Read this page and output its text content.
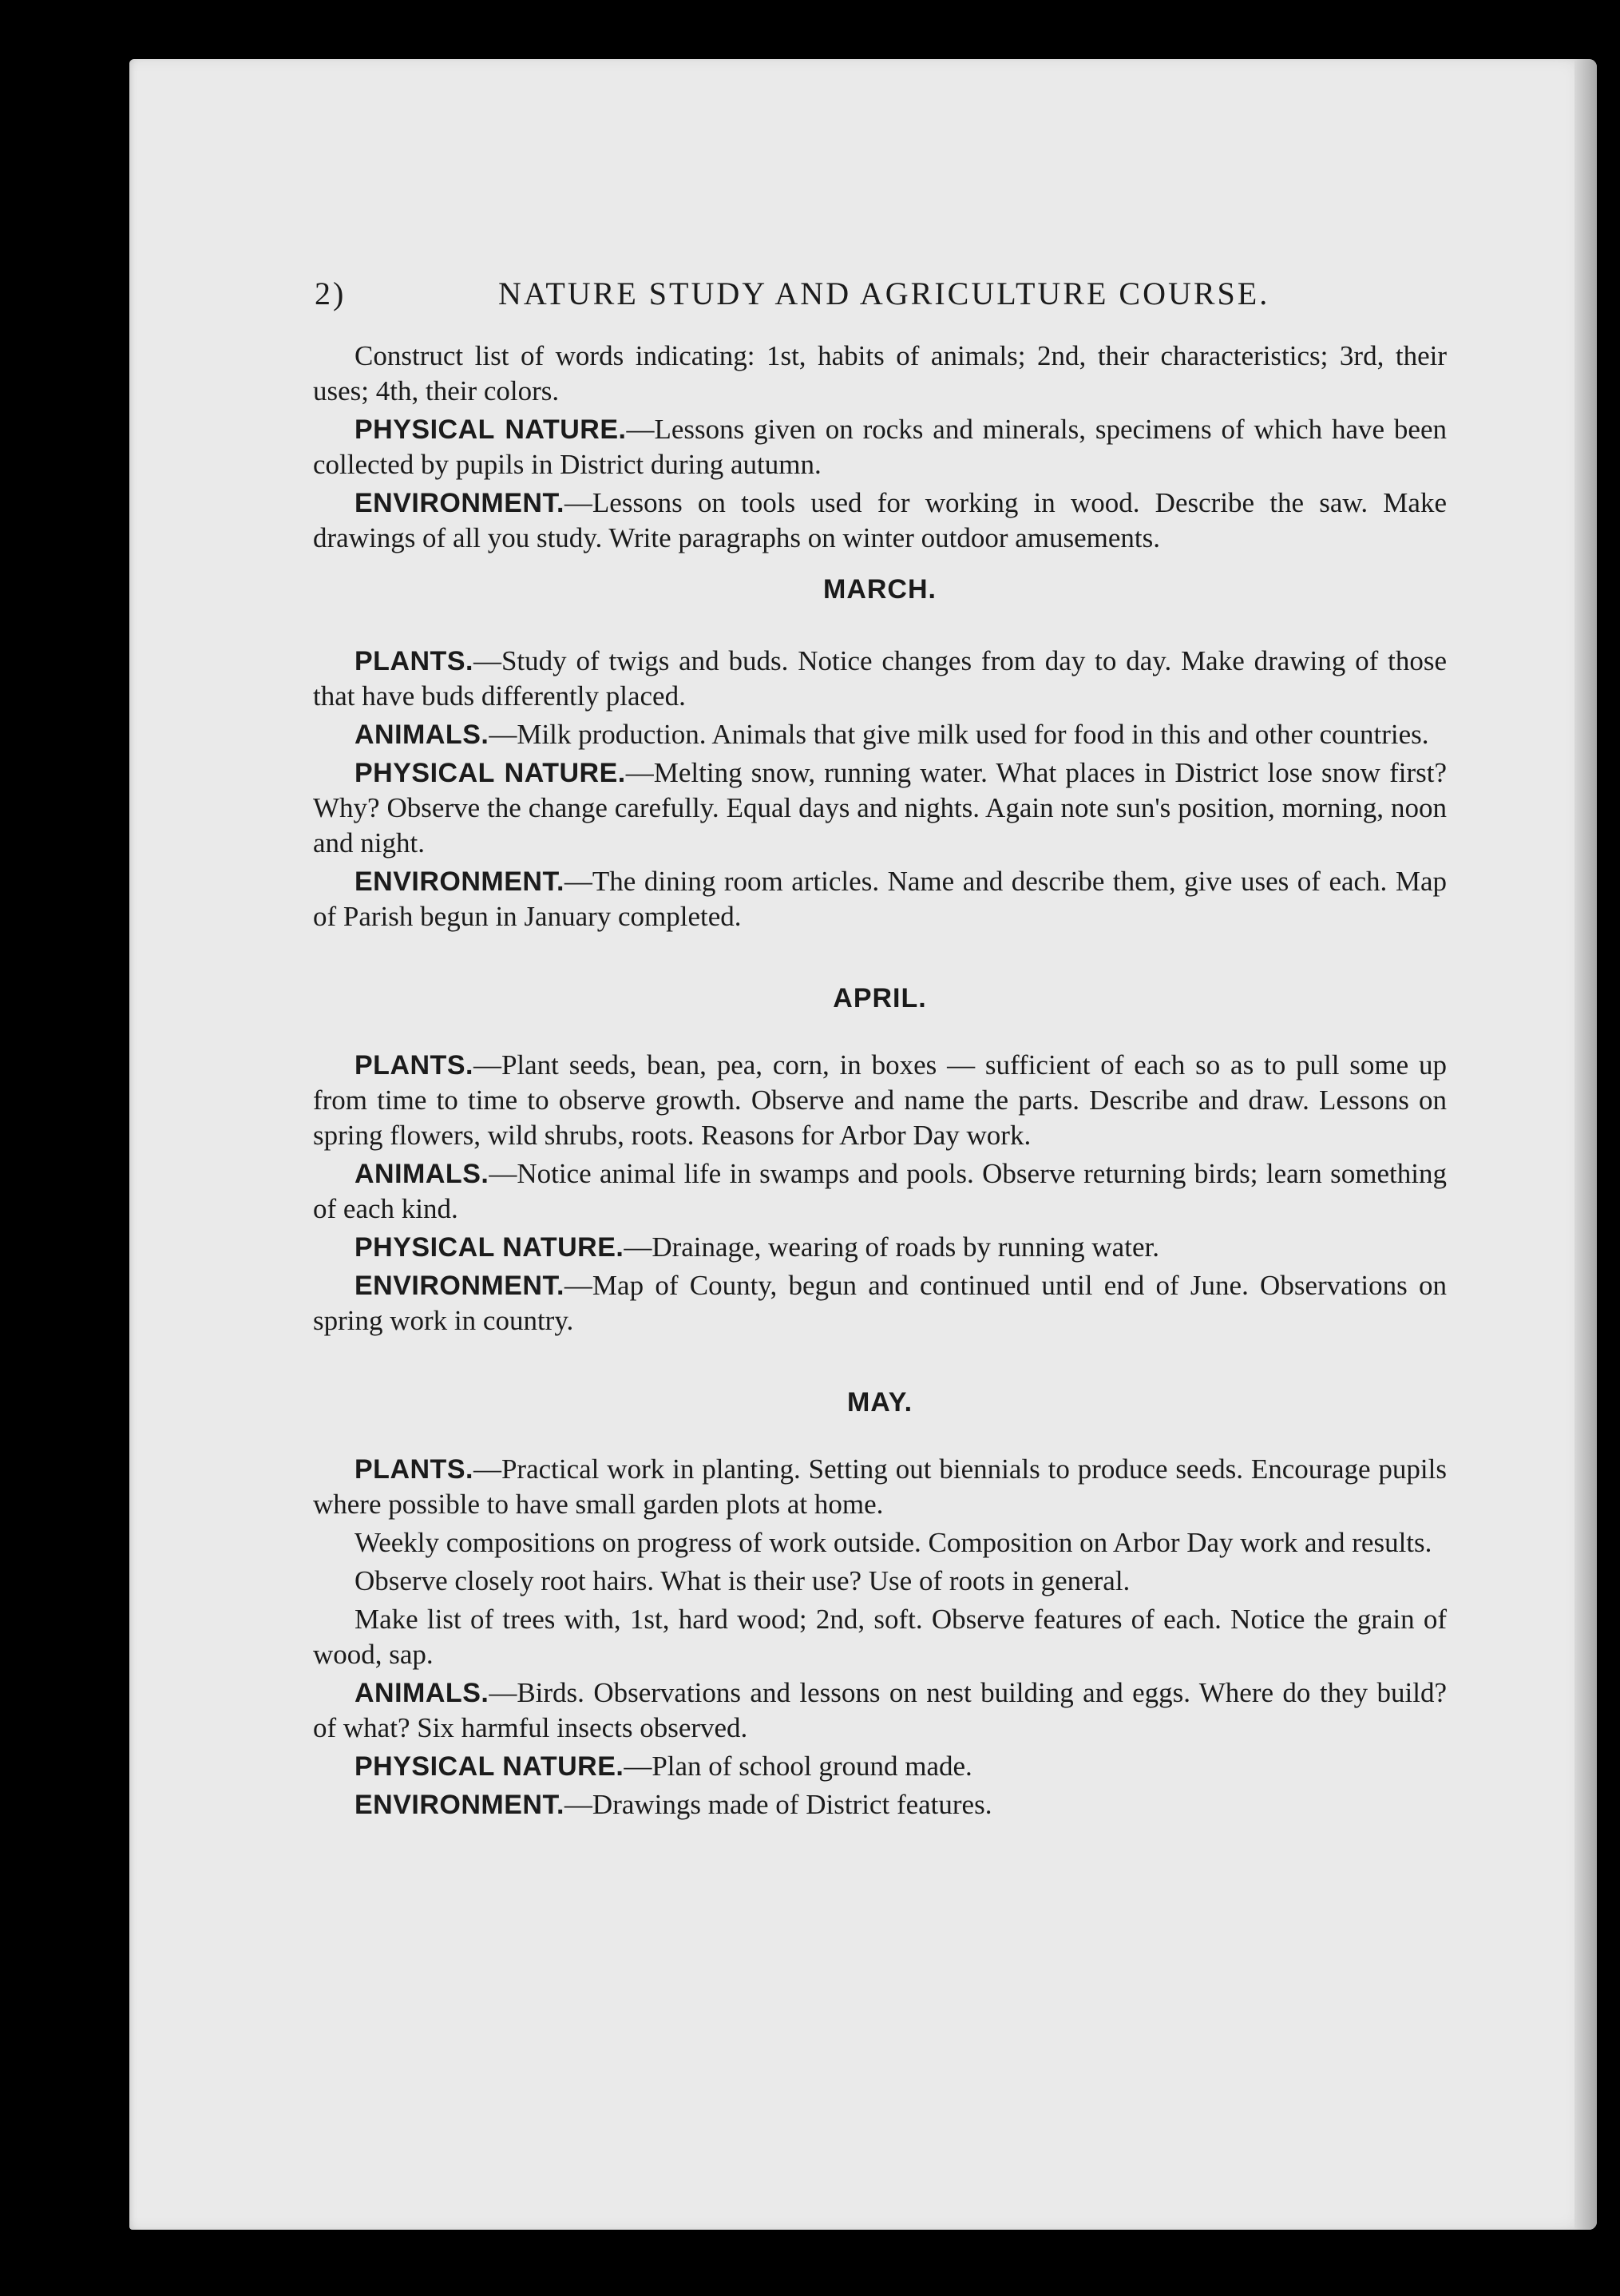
2)	NATURE STUDY AND AGRICULTURE COURSE.

Construct list of words indicating: 1st, habits of animals; 2nd, their characteristics; 3rd, their uses; 4th, their colors.

PHYSICAL NATURE.—Lessons given on rocks and minerals, specimens of which have been collected by pupils in District during autumn.

ENVIRONMENT.—Lessons on tools used for working in wood. Describe the saw. Make drawings of all you study. Write paragraphs on winter outdoor amusements.

MARCH.

PLANTS.—Study of twigs and buds. Notice changes from day to day. Make drawing of those that have buds differently placed.

ANIMALS.—Milk production. Animals that give milk used for food in this and other countries.

PHYSICAL NATURE.—Melting snow, running water. What places in District lose snow first? Why? Observe the change carefully. Equal days and nights. Again note sun's position, morning, noon and night.

ENVIRONMENT.—The dining room articles. Name and describe them, give uses of each. Map of Parish begun in January completed.

APRIL.

PLANTS.—Plant seeds, bean, pea, corn, in boxes — sufficient of each so as to pull some up from time to time to observe growth. Observe and name the parts. Describe and draw. Lessons on spring flowers, wild shrubs, roots. Reasons for Arbor Day work.

ANIMALS.—Notice animal life in swamps and pools. Observe returning birds; learn something of each kind.

PHYSICAL NATURE.—Drainage, wearing of roads by running water.

ENVIRONMENT.—Map of County, begun and continued until end of June. Observations on spring work in country.

MAY.

PLANTS.—Practical work in planting. Setting out biennials to produce seeds. Encourage pupils where possible to have small garden plots at home.

Weekly compositions on progress of work outside. Composition on Arbor Day work and results.

Observe closely root hairs. What is their use? Use of roots in general.

Make list of trees with, 1st, hard wood; 2nd, soft. Observe features of each. Notice the grain of wood, sap.

ANIMALS.—Birds. Observations and lessons on nest building and eggs. Where do they build? of what? Six harmful insects observed.

PHYSICAL NATURE.—Plan of school ground made.

ENVIRONMENT.—Drawings made of District features.
